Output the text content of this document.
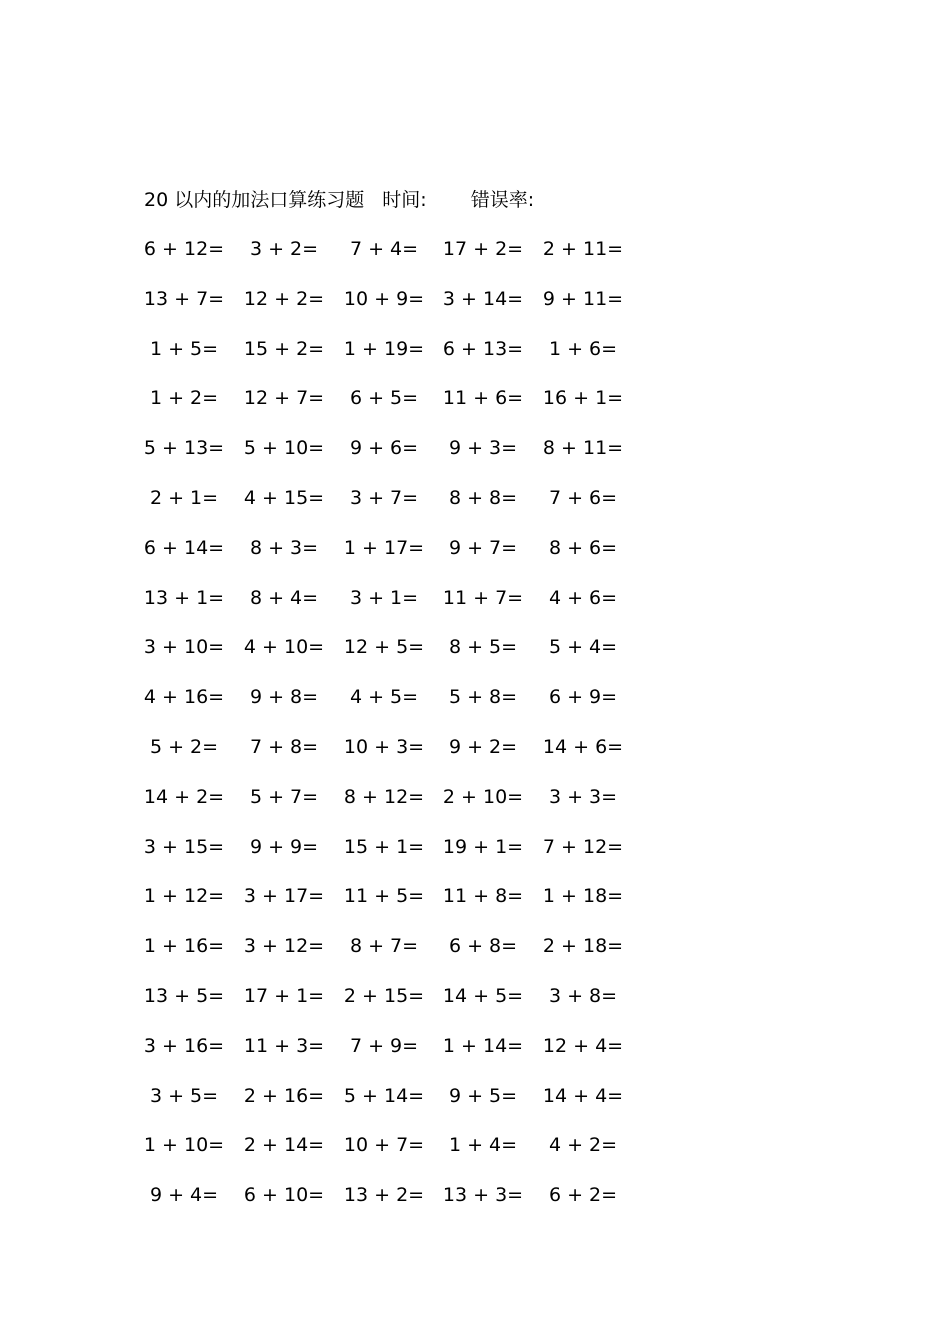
20 以内的加法口算练习题 时间: 错误率:
6 + 12=	3 + 2=	7 + 4=	17 + 2=	2 + 11=
13 + 7=	12 + 2=	10 + 9= 3 + 14=	9 + 11=
1 + 5=	15 + 2=	1 + 19= 6 + 13=	1 + 6=
1 + 2=	12 + 7=	6 + 5=	11 + 6=	16 + 1=
5 + 13=	5 + 10=	9 + 6=	9 + 3=	8 + 11=
2 + 1=	4 + 15=	3 + 7=	8 + 8=	7 + 6=
6 + 14=	8 + 3=	1 + 17=	9 + 7=	8 + 6=
13 + 1=	8 + 4=	3 + 1=	11 + 7=	4 + 6=
3 + 10=	4 + 10=	12 + 5=	8 + 5=	5 + 4=
4 + 16=	9 + 8=	4 + 5=	5 + 8=	6 + 9=
5 + 2=	7 + 8=	10 + 3=	9 + 2=	14 + 6=
14 + 2=	5 + 7=	8 + 12= 2 + 10=	3 + 3=
3 + 15=	9 + 9=	15 + 1= 19 + 1=	7 + 12=
1 + 12=	3 + 17=	11 + 5= 11 + 8=	1 + 18=
1 + 16=	3 + 12=	8 + 7=	6 + 8=	2 + 18=
13 + 5=	17 + 1=	2 + 15= 14 + 5=	3 + 8=
3 + 16=	11 + 3=	7 + 9=	1 + 14=	12 + 4=
3 + 5=	2 + 16=	5 + 14=	9 + 5=	14 + 4=
1 + 10=	2 + 14=	10 + 7=	1 + 4=	4 + 2=
9 + 4=	6 + 10=	13 + 2= 13 + 3=	6 + 2=
